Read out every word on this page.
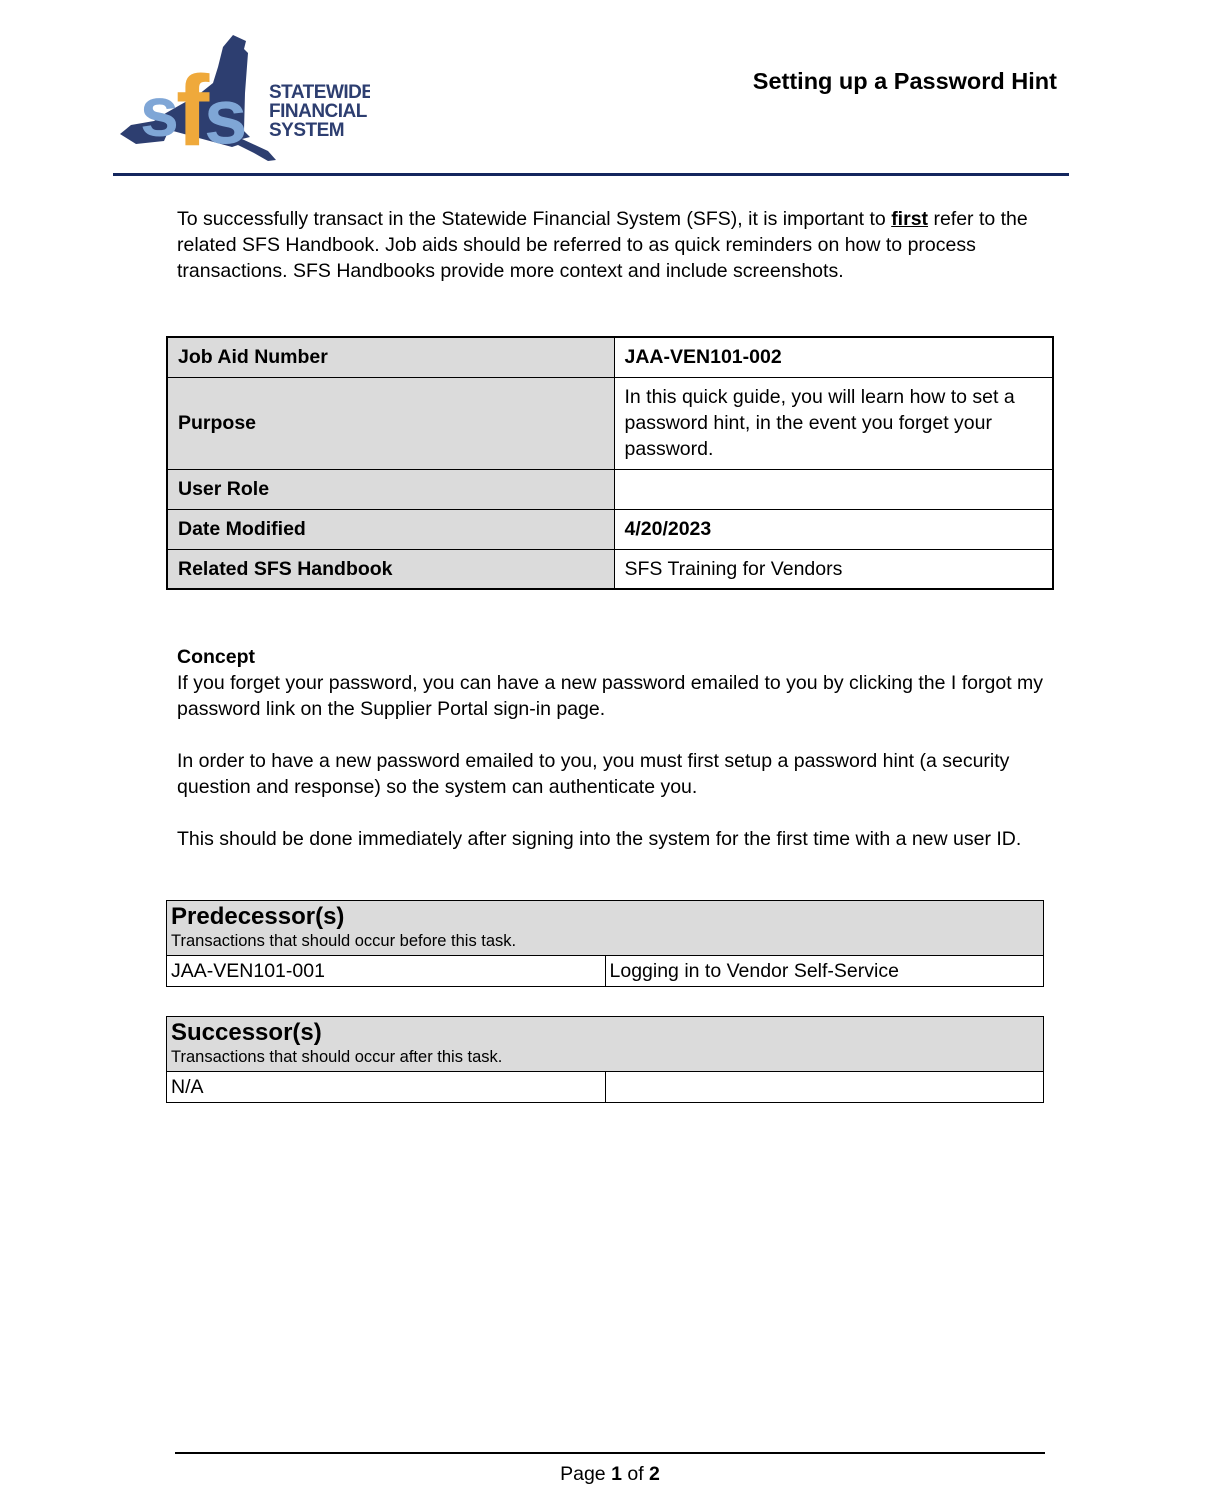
s
f
s STATEWIDE
FINANCIAL
SYSTEM
Setting up a Password Hint
To successfully transact in the Statewide Financial System (SFS), it is important to first refer to the related SFS Handbook. Job aids should be referred to as quick reminders on how to process transactions. SFS Handbooks provide more context and include screenshots.
Job Aid Number	JAA-VEN101-002
Purpose	In this quick guide, you will learn how to set a password hint, in the event you forget your password.
User Role	
Date Modified	4/20/2023
Related SFS Handbook	SFS Training for Vendors
Concept

If you forget your password, you can have a new password emailed to you by clicking the I forgot my password link on the Supplier Portal sign-in page.

In order to have a new password emailed to you, you must first setup a password hint (a security question and response) so the system can authenticate you.

This should be done immediately after signing into the system for the first time with a new user ID.

Predecessor(s)
Transactions that should occur before this task.

JAA-VEN101-001	Logging in to Vendor Self-Service
Successor(s)
Transactions that should occur after this task.

N/A	
Page 1 of 2
